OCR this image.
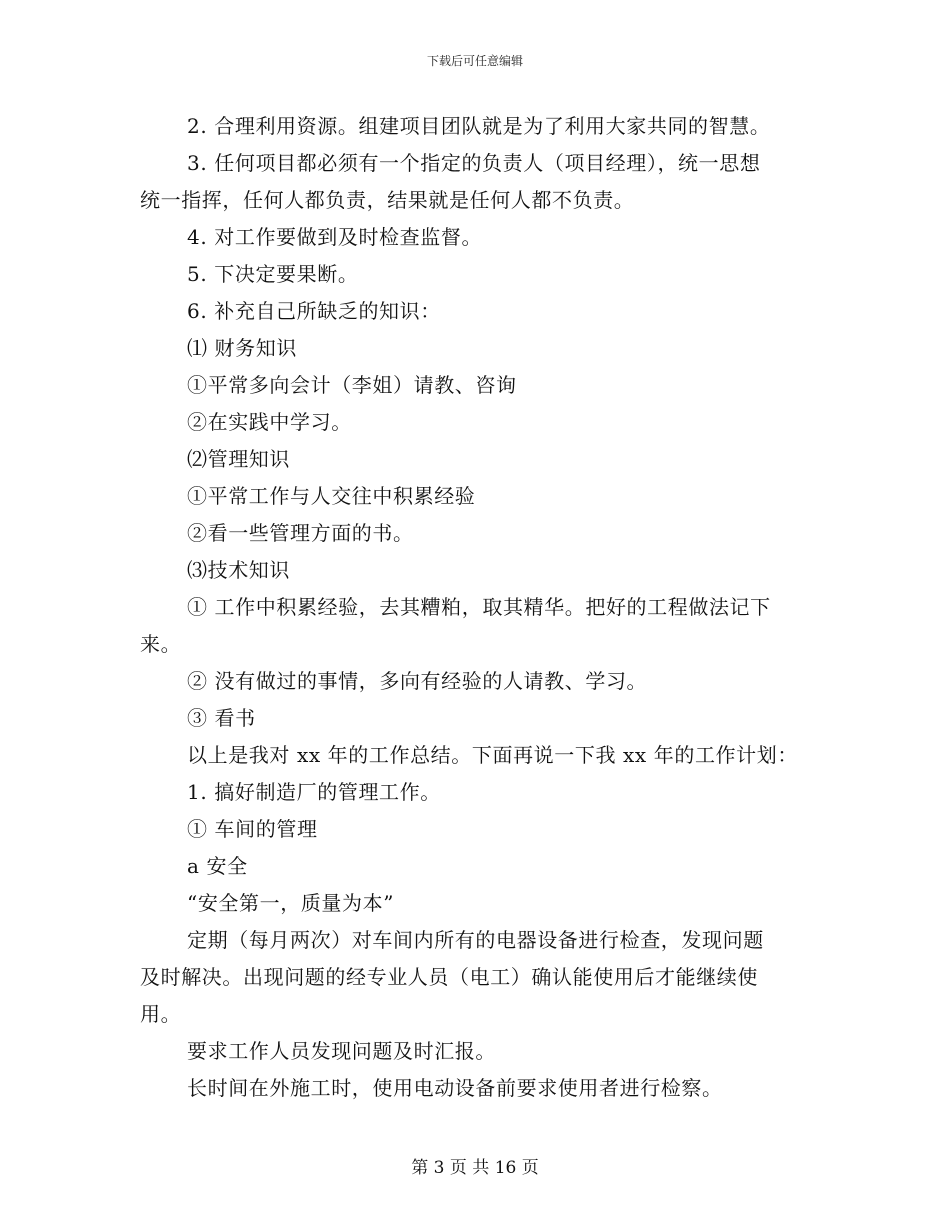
下载后可任意编辑
2. 合理利用资源。组建项目团队就是为了利用大家共同的智慧。
3. 任何项目都必须有一个指定的负责人（项目经理），统一思想
统一指挥，任何人都负责，结果就是任何人都不负责。
4. 对工作要做到及时检查监督。
5. 下决定要果断。
6. 补充自己所缺乏的知识：
⑴ 财务知识
①平常多向会计（李姐）请教、咨询
②在实践中学习。
⑵管理知识
①平常工作与人交往中积累经验
②看一些管理方面的书。
⑶技术知识
① 工作中积累经验，去其糟粕，取其精华。把好的工程做法记下
来。
② 没有做过的事情，多向有经验的人请教、学习。
③ 看书
以上是我对 xx 年的工作总结。下面再说一下我 xx 年的工作计划：
1. 搞好制造厂的管理工作。
① 车间的管理
a 安全
“安全第一，质量为本”
定期（每月两次）对车间内所有的电器设备进行检查，发现问题
及时解决。出现问题的经专业人员（电工）确认能使用后才能继续使
用。
要求工作人员发现问题及时汇报。
长时间在外施工时，使用电动设备前要求使用者进行检察。
第 3 页 共 16 页
